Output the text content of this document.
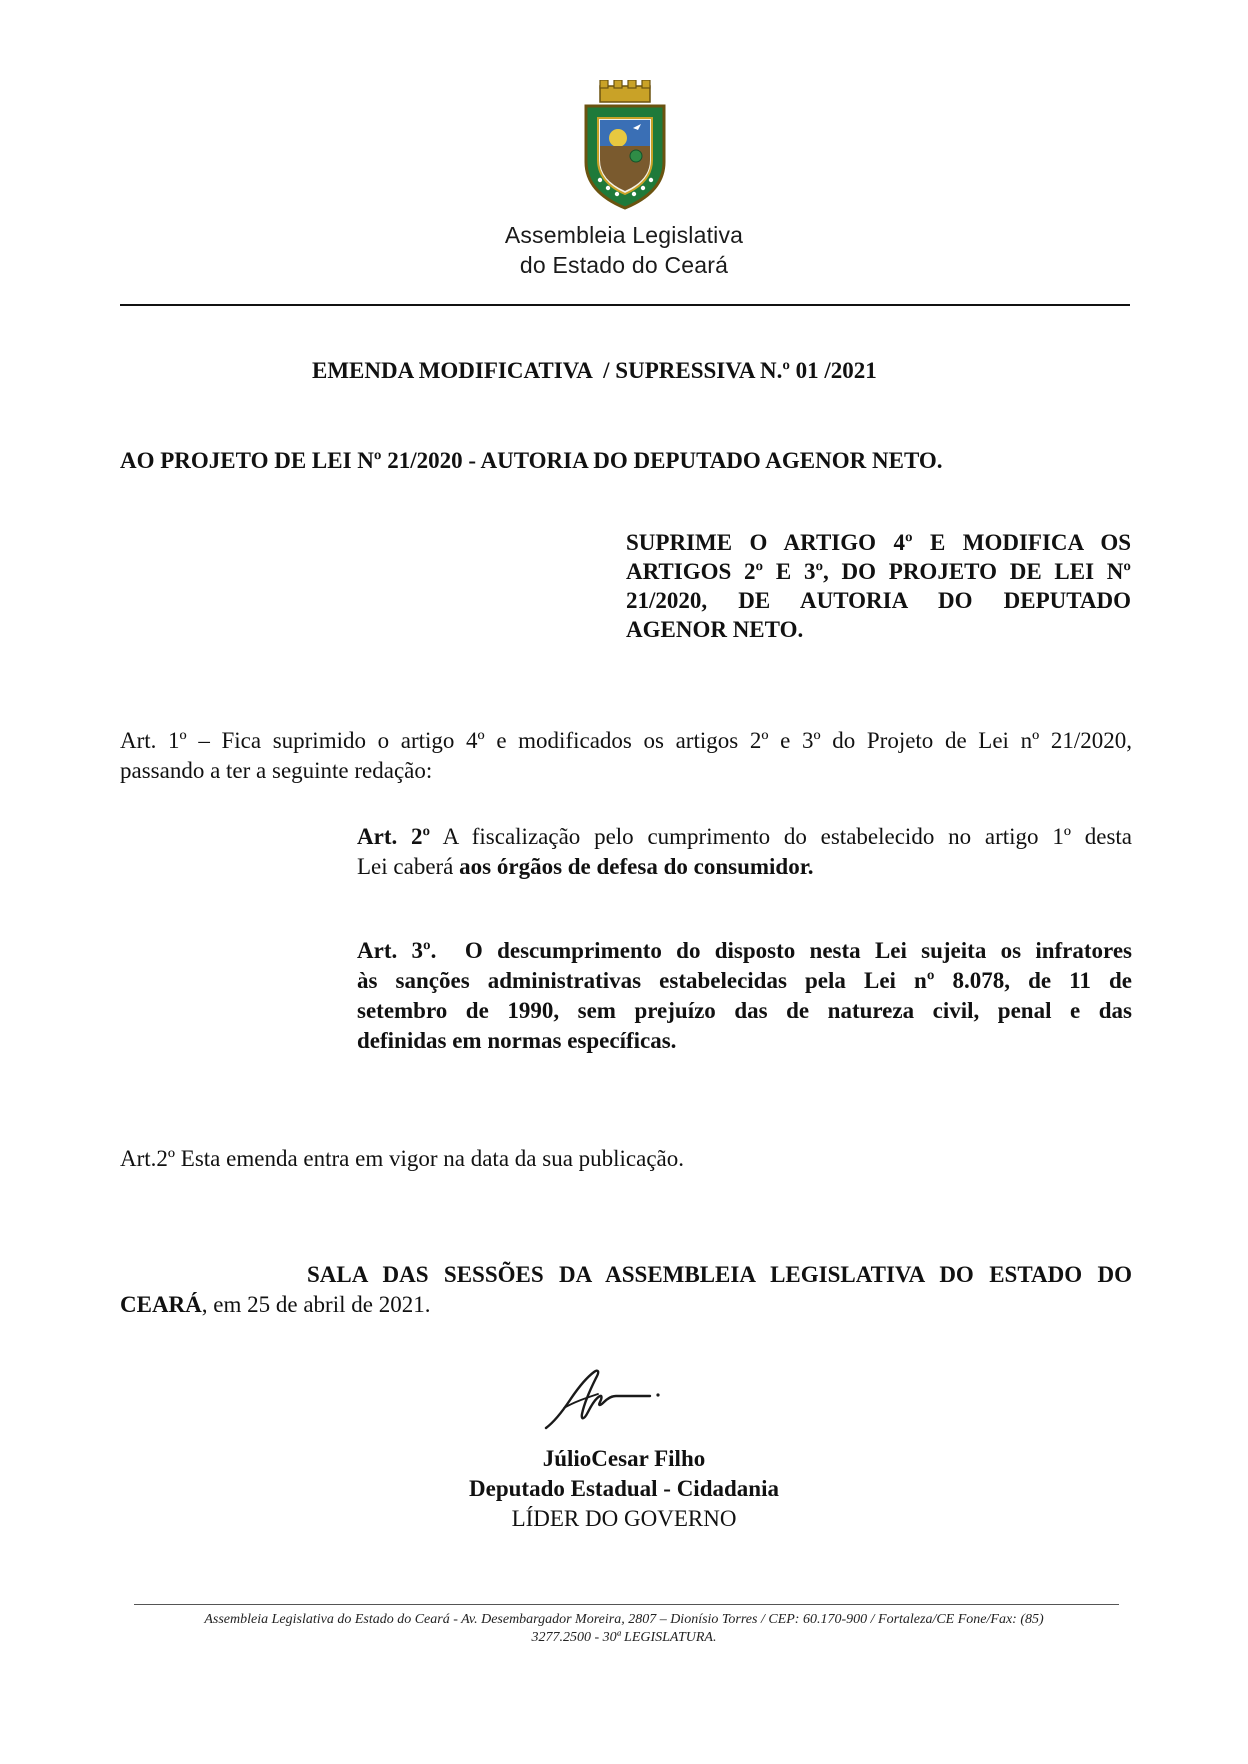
Assembleia Legislativa
do Estado do Ceará
EMENDA MODIFICATIVA  / SUPRESSIVA N.º 01 /2021
AO PROJETO DE LEI Nº 21/2020 - AUTORIA DO DEPUTADO AGENOR NETO.
SUPRIME O ARTIGO 4º E MODIFICA OS
ARTIGOS 2º E 3º, DO PROJETO DE LEI Nº
21/2020, DE AUTORIA DO DEPUTADO
AGENOR NETO.
Art. 1º – Fica suprimido o artigo 4º e modificados os artigos 2º e 3º do Projeto de Lei nº 21/2020,
passando a ter a seguinte redação:
Art. 2º A fiscalização pelo cumprimento do estabelecido no artigo 1º desta
Lei caberá aos órgãos de defesa do consumidor.
Art. 3º.  O descumprimento do disposto nesta Lei sujeita os infratores
às sanções administrativas estabelecidas pela Lei nº 8.078, de 11 de
setembro de 1990, sem prejuízo das de natureza civil, penal e das
definidas em normas específicas.
Art.2º Esta emenda entra em vigor na data da sua publicação.
SALA DAS SESSÕES DA ASSEMBLEIA LEGISLATIVA DO ESTADO DO
CEARÁ, em 25 de abril de 2021.
JúlioCesar Filho
Deputado Estadual - Cidadania
LÍDER DO GOVERNO
Assembleia Legislativa do Estado do Ceará - Av. Desembargador Moreira, 2807 – Dionísio Torres / CEP: 60.170-900 / Fortaleza/CE Fone/Fax: (85)
3277.2500 - 30ª LEGISLATURA.
